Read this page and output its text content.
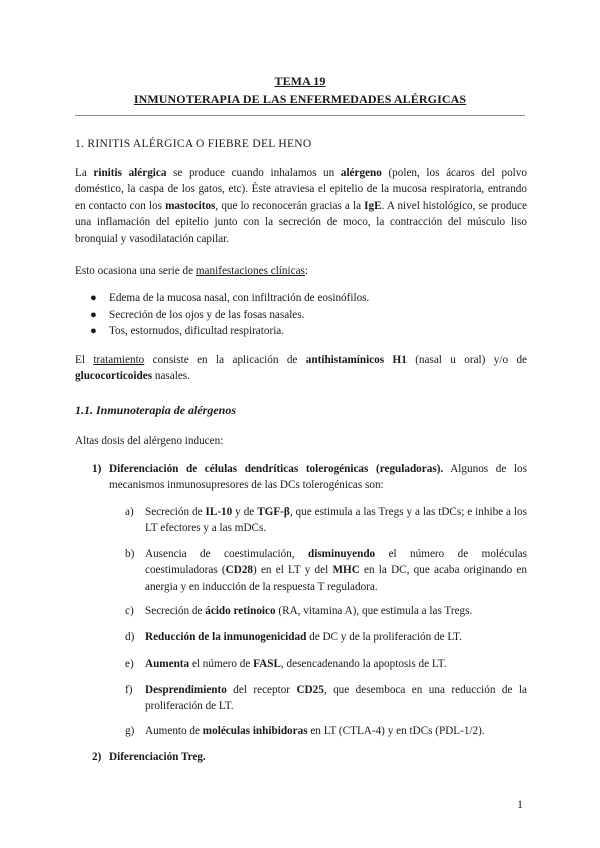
TEMA 19
INMUNOTERAPIA DE LAS ENFERMEDADES ALÉRGICAS
1. RINITIS ALÉRGICA O FIEBRE DEL HENO
La rinitis alérgica se produce cuando inhalamos un alérgeno (polen, los ácaros del polvo doméstico, la caspa de los gatos, etc). Éste atraviesa el epitelio de la mucosa respiratoria, entrando en contacto con los mastocitos, que lo reconocerán gracias a la IgE. A nivel histológico, se produce una inflamación del epitelio junto con la secreción de moco, la contracción del músculo liso bronquial y vasodilatación capilar.
Esto ocasiona una serie de manifestaciones clínicas:
● Edema de la mucosa nasal, con infiltración de eosinófilos.
● Secreción de los ojos y de las fosas nasales.
● Tos, estornudos, dificultad respiratoria.
El tratamiento consiste en la aplicación de antihistamínicos H1 (nasal u oral) y/o de glucocorticoides nasales.
1.1. Inmunoterapia de alérgenos
Altas dosis del alérgeno inducen:
1) Diferenciación de células dendríticas tolerogénicas (reguladoras). Algunos de los mecanismos inmunosupresores de las DCs tolerogénicas son:
a) Secreción de IL-10 y de TGF-β, que estimula a las Tregs y a las tDCs; e inhibe a los LT efectores y a las mDCs.
b) Ausencia de coestimulación, disminuyendo el número de moléculas coestimuladoras (CD28) en el LT y del MHC en la DC, que acaba originando en anergia y en inducción de la respuesta T reguladora.
c) Secreción de ácido retinoico (RA, vitamina A), que estimula a las Tregs.
d) Reducción de la inmunogenicidad de DC y de la proliferación de LT.
e) Aumenta el número de FASL, desencadenando la apoptosis de LT.
f) Desprendimiento del receptor CD25, que desemboca en una reducción de la proliferación de LT.
g) Aumento de moléculas inhibidoras en LT (CTLA-4) y en tDCs (PDL-1/2).
2) Diferenciación Treg.
1
